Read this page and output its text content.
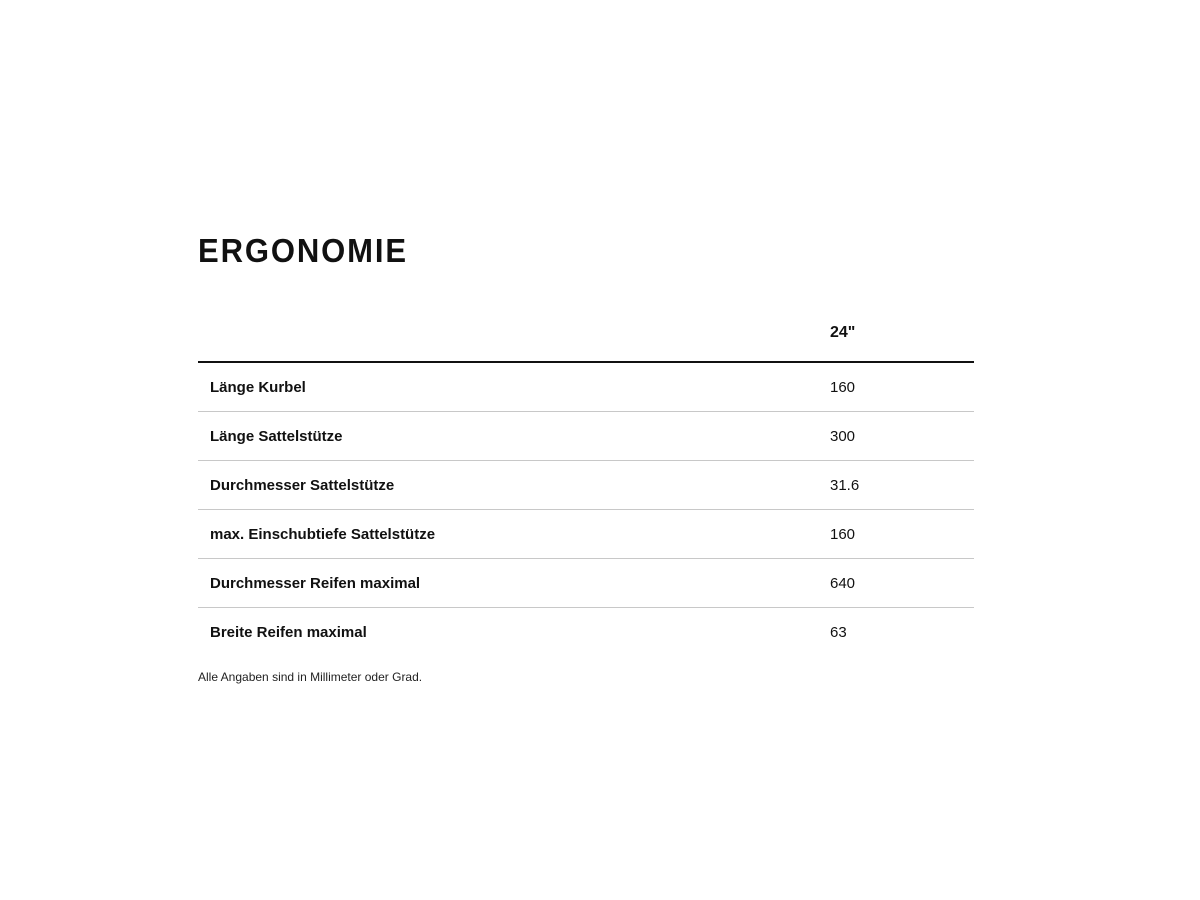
ERGONOMIE
	24"
Länge Kurbel	160
Länge Sattelstütze	300
Durchmesser Sattelstütze	31.6
max. Einschubtiefe Sattelstütze	160
Durchmesser Reifen maximal	640
Breite Reifen maximal	63
Alle Angaben sind in Millimeter oder Grad.
